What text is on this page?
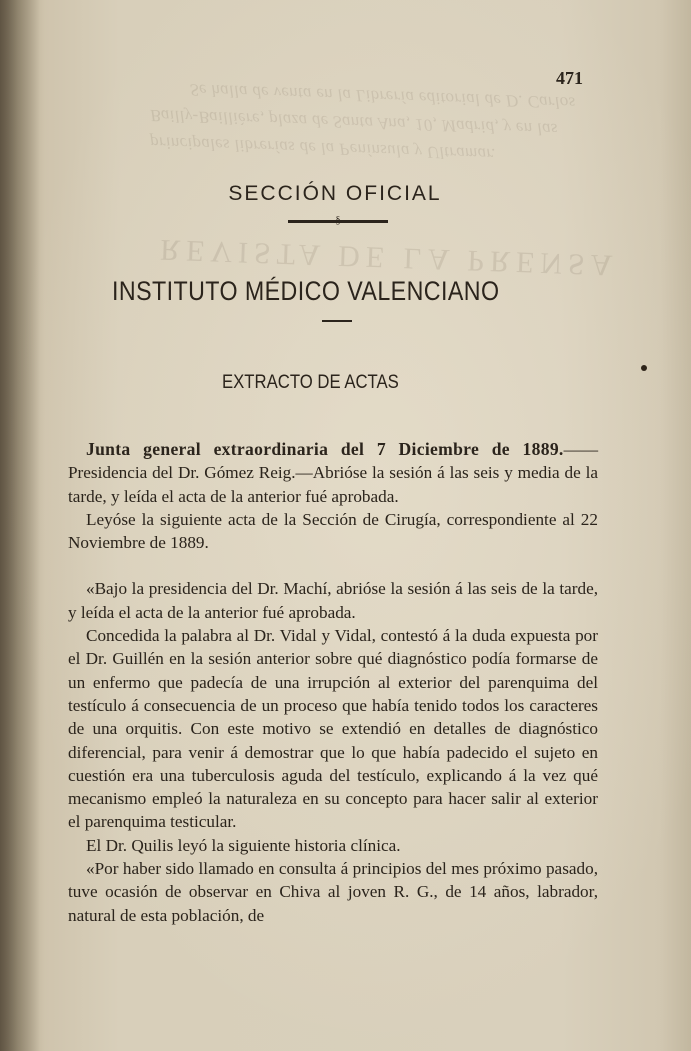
Se halla de venta en la Librería editorial de D. Carlos
Bailly-Baillière, plaza de Santa Ana, 10, Madrid, y en las
principales librerías de la Península y Ultramar.
REVISTA DE LA PRENSA
471
SECCIÓN OFICIAL
§
INSTITUTO MÉDICO VALENCIANO
EXTRACTO DE ACTAS

Junta general extraordinaria del 7 Diciembre de 1889.——Presidencia del Dr. Gómez Reig.—Abrióse la sesión á las seis y media de la tarde, y leída el acta de la anterior fué aprobada.

Leyóse la siguiente acta de la Sección de Cirugía, correspondiente al 22 Noviembre de 1889.

«Bajo la presidencia del Dr. Machí, abrióse la sesión á las seis de la tarde, y leída el acta de la anterior fué aprobada.

Concedida la palabra al Dr. Vidal y Vidal, contestó á la duda expuesta por el Dr. Guillén en la sesión anterior sobre qué diagnóstico podía formarse de un enfermo que padecía de una irrupción al exterior del parenquima del testículo á consecuencia de un proceso que había tenido todos los caracteres de una orquitis. Con este motivo se extendió en detalles de diagnóstico diferencial, para venir á demostrar que lo que había padecido el sujeto en cuestión era una tuberculosis aguda del testículo, explicando á la vez qué mecanismo empleó la naturaleza en su concepto para hacer salir al exterior el parenquima testicular.

El Dr. Quilis leyó la siguiente historia clínica.

«Por haber sido llamado en consulta á principios del mes próximo pasado, tuve ocasión de observar en Chiva al joven R. G., de 14 años, labrador, natural de esta población, de
